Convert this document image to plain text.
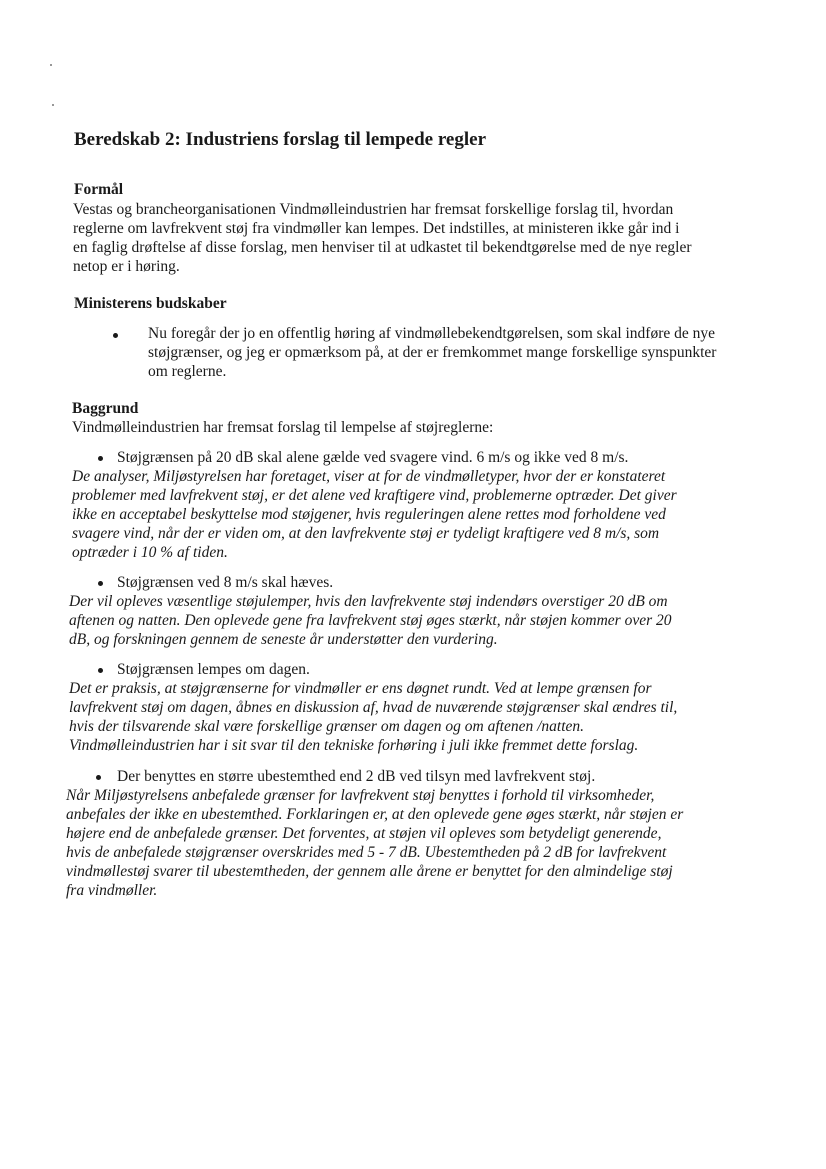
Beredskab 2: Industriens forslag til lempede regler
Formål
Vestas og brancheorganisationen Vindmølleindustrien har fremsat forskellige forslag til, hvordan
reglerne om lavfrekvent støj fra vindmøller kan lempes. Det indstilles, at ministeren ikke går ind i
en faglig drøftelse af disse forslag, men henviser til at udkastet til bekendtgørelse med de nye regler
netop er i høring.
Ministerens budskaber
Nu foregår der jo en offentlig høring af vindmøllebekendtgørelsen, som skal indføre de nye
støjgrænser, og jeg er opmærksom på, at der er fremkommet mange forskellige synspunkter
om reglerne.
Baggrund
Vindmølleindustrien har fremsat forslag til lempelse af støjreglerne:
Støjgrænsen på 20 dB skal alene gælde ved svagere vind. 6 m/s og ikke ved 8 m/s.
De analyser, Miljøstyrelsen har foretaget, viser at for de vindmølletyper, hvor der er konstateret
problemer med lavfrekvent støj, er det alene ved kraftigere vind, problemerne optræder. Det giver
ikke en acceptabel beskyttelse mod støjgener, hvis reguleringen alene rettes mod forholdene ved
svagere vind, når der er viden om, at den lavfrekvente støj er tydeligt kraftigere ved 8 m/s, som
optræder i 10 % af tiden.
Støjgrænsen ved 8 m/s skal hæves.
Der vil opleves væsentlige støjulemper, hvis den lavfrekvente støj indendørs overstiger 20 dB om
aftenen og natten. Den oplevede gene fra lavfrekvent støj øges stærkt, når støjen kommer over 20
dB, og forskningen gennem de seneste år understøtter den vurdering.
Støjgrænsen lempes om dagen.
Det er praksis, at støjgrænserne for vindmøller er ens døgnet rundt. Ved at lempe grænsen for
lavfrekvent støj om dagen, åbnes en diskussion af, hvad de nuværende støjgrænser skal ændres til,
hvis der tilsvarende skal være forskellige grænser om dagen og om aftenen /natten.
Vindmølleindustrien har i sit svar til den tekniske forhøring i juli ikke fremmet dette forslag.
Der benyttes en større ubestemthed end 2 dB ved tilsyn med lavfrekvent støj.
Når Miljøstyrelsens anbefalede grænser for lavfrekvent støj benyttes i forhold til virksomheder,
anbefales der ikke en ubestemthed. Forklaringen er, at den oplevede gene øges stærkt, når støjen er
højere end de anbefalede grænser. Det forventes, at støjen vil opleves som betydeligt generende,
hvis de anbefalede støjgrænser overskrides med 5 - 7 dB. Ubestemtheden på 2 dB for lavfrekvent
vindmøllestøj svarer til ubestemtheden, der gennem alle årene er benyttet for den almindelige støj
fra vindmøller.
